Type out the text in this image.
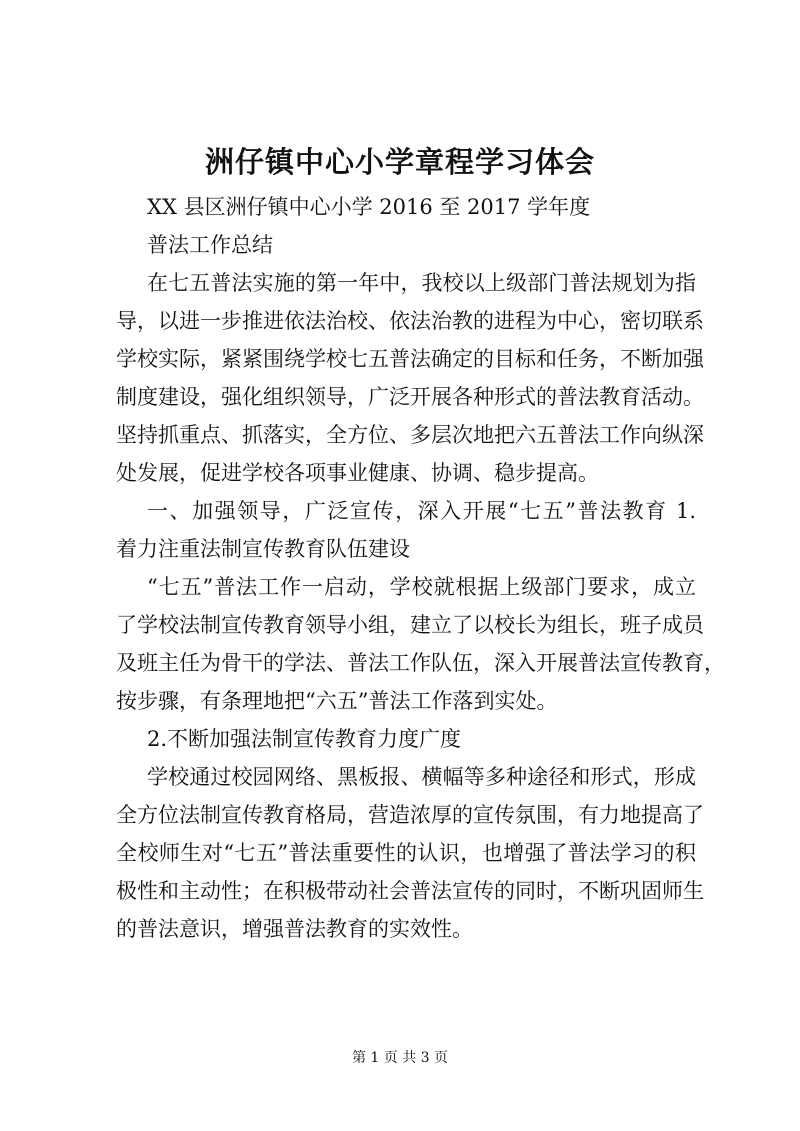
洲仔镇中心小学章程学习体会

XX 县区洲仔镇中心小学 2016 至 2017 学年度

普法工作总结

在七五普法实施的第一年中，我校以上级部门普法规划为指

导，以进一步推进依法治校、依法治教的进程为中心，密切联系

学校实际，紧紧围绕学校七五普法确定的目标和任务，不断加强

制度建设，强化组织领导，广泛开展各种形式的普法教育活动。

坚持抓重点、抓落实，全方位、多层次地把六五普法工作向纵深

处发展，促进学校各项事业健康、协调、稳步提高。

一、加强领导，广泛宣传，深入开展“七五”普法教育 1.

着力注重法制宣传教育队伍建设

“七五”普法工作一启动，学校就根据上级部门要求，成立

了学校法制宣传教育领导小组，建立了以校长为组长，班子成员

及班主任为骨干的学法、普法工作队伍，深入开展普法宣传教育，

按步骤，有条理地把“六五”普法工作落到实处。

2.不断加强法制宣传教育力度广度

学校通过校园网络、黑板报、横幅等多种途径和形式，形成

全方位法制宣传教育格局，营造浓厚的宣传氛围，有力地提高了

全校师生对“七五”普法重要性的认识，也增强了普法学习的积

极性和主动性；在积极带动社会普法宣传的同时，不断巩固师生

的普法意识，增强普法教育的实效性。

第 1 页 共 3 页
